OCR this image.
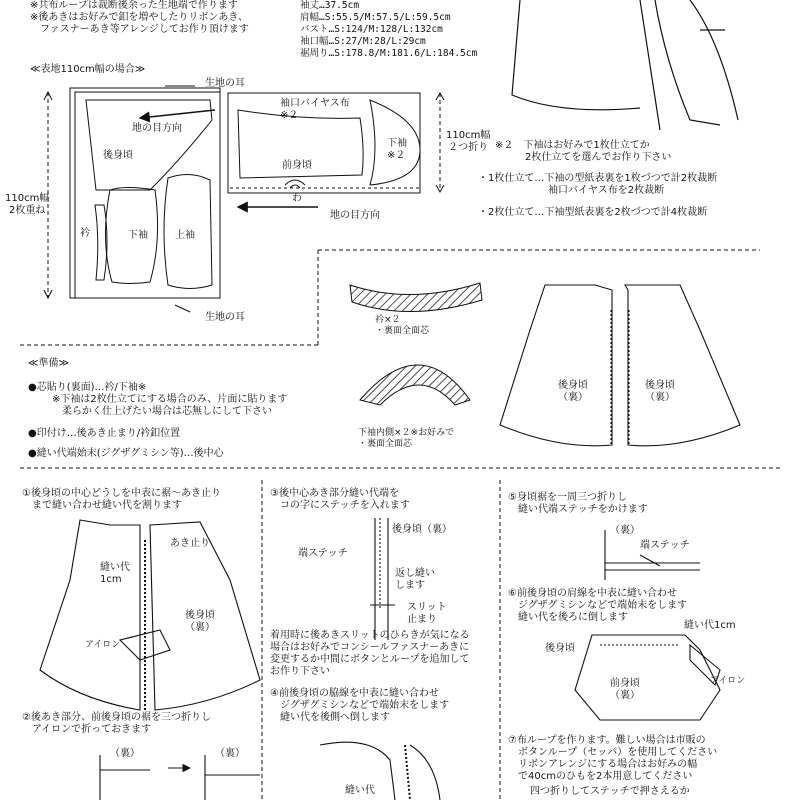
※共布ループは裁断後余った生地端で作ります
※後あきはお好みで釦を増やしたりリボンあき、
　ファスナーあき等アレンジしてお作り頂けます
袖丈…37.5cm
肩幅…S:55.5/M:57.5/L:59.5cm
バスト…S:124/M:128/L:132cm
袖口幅…S:27/M:28/L:29cm
裾周り…S:178.8/M:181.6/L:184.5cm
≪表地110cm幅の場合≫
生地の耳
生地の耳
110cm幅
2枚重ね
110cm幅
２つ折り
地の目方向
地の目方向
後身頃
下袖	上袖
衿
前身頃
袖口バイヤス布
※２
下袖
※２
わ
※２　下袖はお好みで1枚仕立てか
　　　2枚仕立てを選んでお作り下さい
・1枚仕立て…下袖の型紙表裏を1枚づつで計2枚裁断
　　　　　　　袖口バイヤス布を2枚裁断
・2枚仕立て…下袖型紙表裏を2枚づつで計4枚裁断
衿×２
・裏面全面芯
下袖内側×２※お好みで
・裏面全面芯
後身頃
（裏）
後身頃
（裏）
≪準備≫
●芯貼り(裏面)…衿/下袖※
※下袖は2枚仕立てにする場合のみ、片面に貼ります
　柔らかく仕上げたい場合は芯無しにして下さい
●印付け…後あき止まり/衿釦位置
●縫い代端始末(ジグザグミシン等)…後中心
①後身頃の中心どうしを中表に裾～あき止り
　まで縫い合わせ縫い代を割ります
あき止り
縫い代
1cm
後身頃
（裏）
アイロン
②後あき部分、前後身頃の裾を三つ折りし
　アイロンで折っておきます
（裏）	（裏）
③後中心あき部分縫い代端を
　コの字にステッチを入れます
後身頃（裏）
端ステッチ
返し縫い
します
スリット
止まり
着用時に後あきスリットのひらきが気になる
場合はお好みでコンシールファスナーあきに
変更するか中間にボタンとループを追加して
お作り下さい
④前後身頃の脇線を中表に縫い合わせ
　ジグザグミシンなどで端始末をします
　縫い代を後側へ倒します
縫い代
⑤身頃裾を一周三つ折りし
　縫い代端ステッチをかけます
（裏）
端ステッチ
⑥前後身頃の肩線を中表に縫い合わせ
　ジグザグミシンなどで端始末をします
　縫い代を後ろに倒します
縫い代1cm
後身頃
前身頃
（裏）
アイロン
⑦布ループを作ります。難しい場合は市販の
　ボタンループ（セッパ）を使用してください
　リボンアレンジにする場合はお好みの幅
　で40cmのひもを2本用意してください
四つ折りしてステッチで押さえるか
